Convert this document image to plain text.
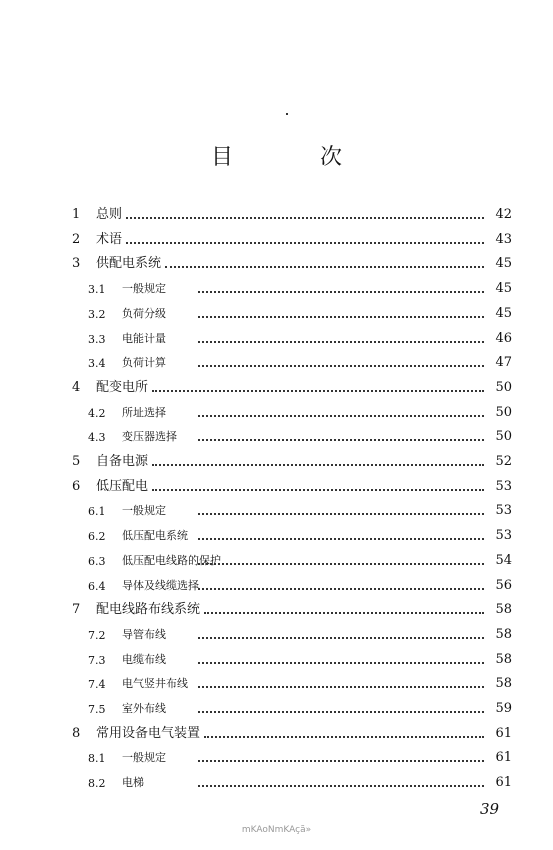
目 次
1	总则	42
2	术语	43
3	供配电系统	45
3.1	一般规定	45
3.2	负荷分级	45
3.3	电能计量	46
3.4	负荷计算	47
4	配变电所	50
4.2	所址选择	50
4.3	变压器选择	50
5	自备电源	52
6	低压配电	53
6.1	一般规定	53
6.2	低压配电系统	53
6.3	低压配电线路的保护	54
6.4	导体及线缆选择	56
7	配电线路布线系统	58
7.2	导管布线	58
7.3	电缆布线	58
7.4	电气竖井布线	58
7.5	室外布线	59
8	常用设备电气装置	61
8.1	一般规定	61
8.2	电梯	61
39
mKAoNmKAçã»
